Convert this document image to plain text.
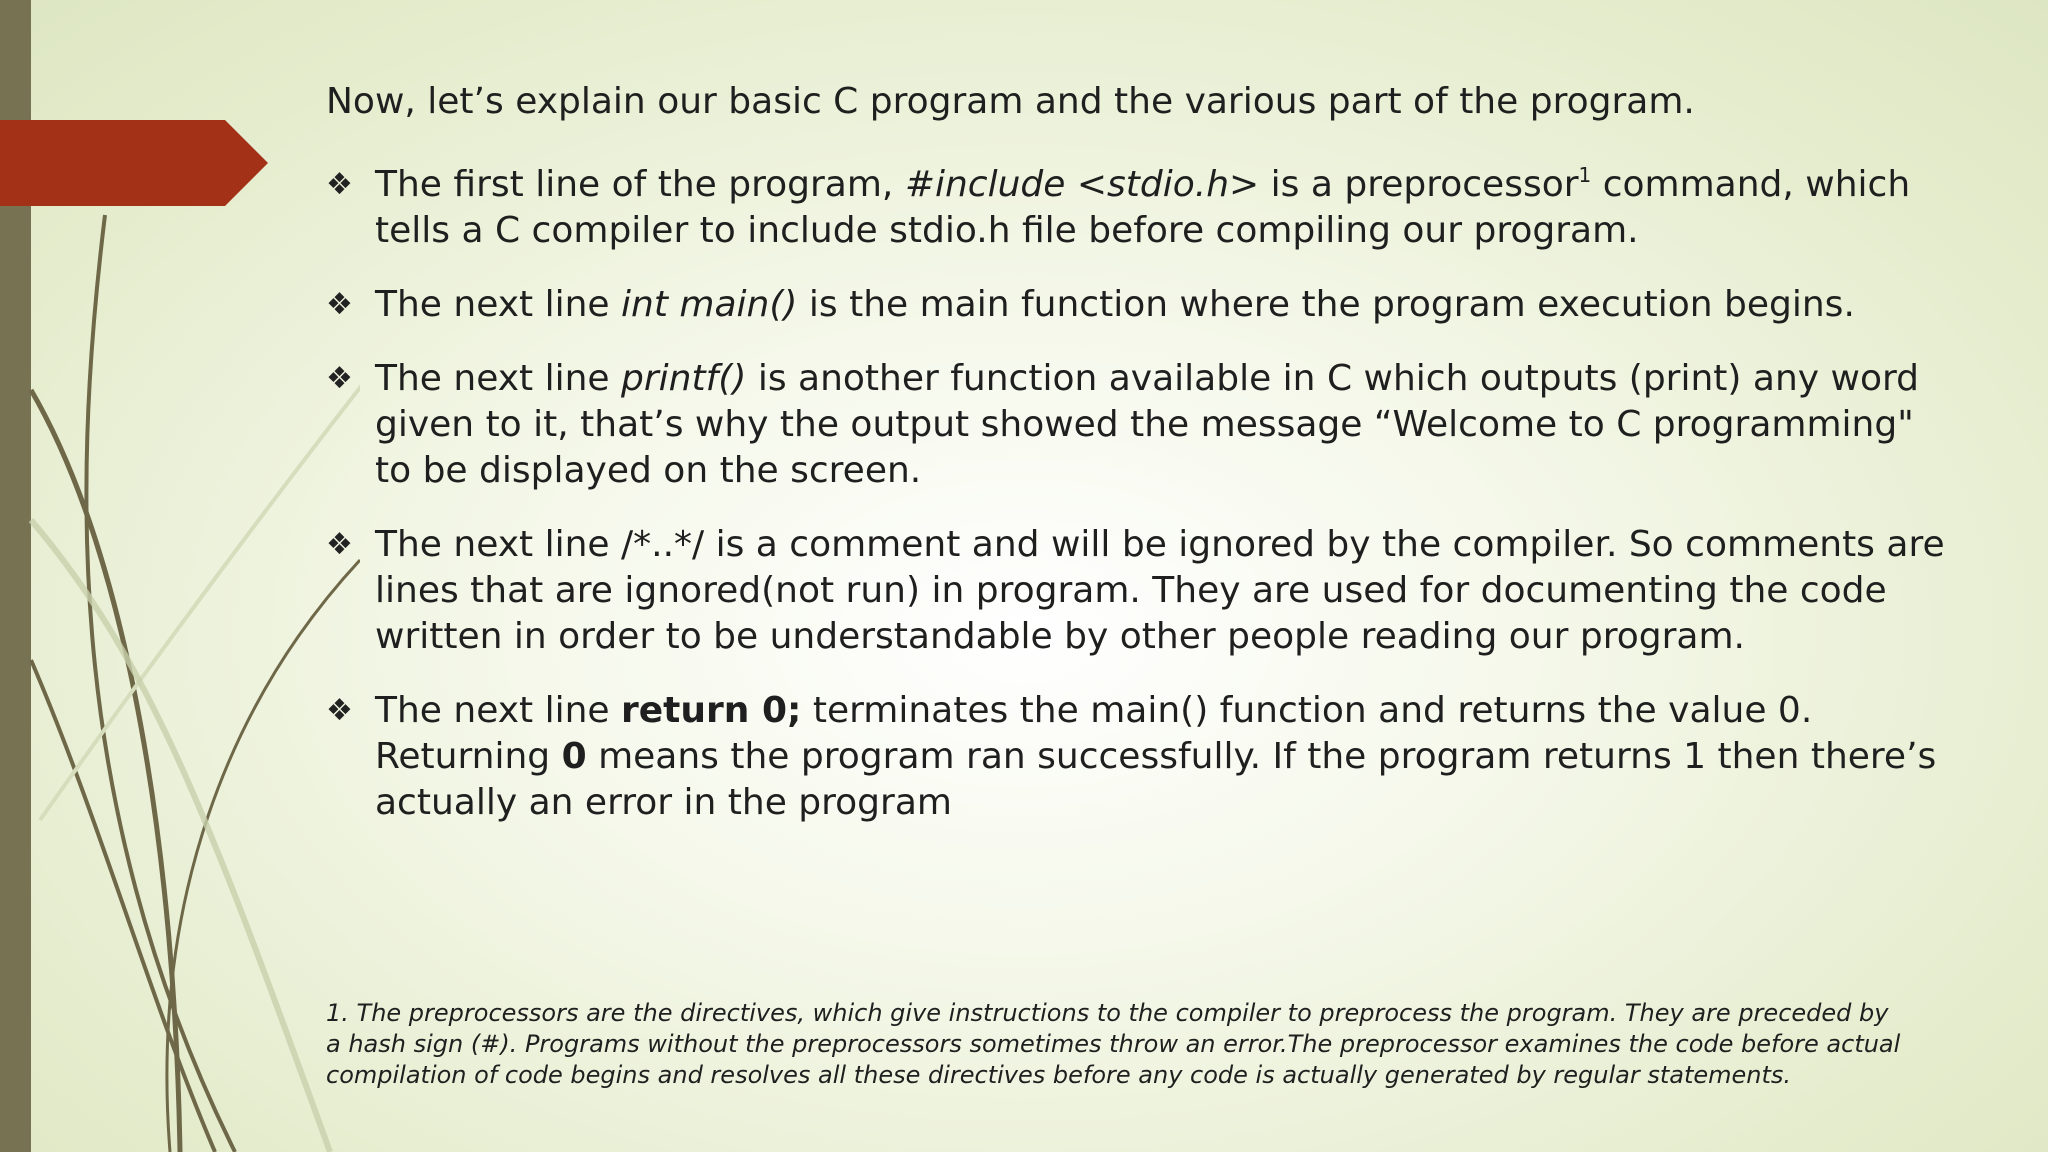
Now, let’s explain our basic C program and the various part of the program.
❖ The first line of the program, #include <stdio.h> is a preprocessor$^1$ command, which tells a C compiler to include stdio.h file before compiling our program.
❖ The next line int main() is the main function where the program execution begins.
❖ The next line printf() is another function available in C which outputs (print) any word given to it, that’s why the output showed the message “Welcome to C programming" to be displayed on the screen.
❖ The next line /*..*/ is a comment and will be ignored by the compiler. So comments are lines that are ignored(not run) in program. They are used for documenting the code written in order to be understandable by other people reading our program.
❖ The next line return 0; terminates the main() function and returns the value 0. Returning 0 means the program ran successfully. If the program returns 1 then there’s actually an error in the program
1. The preprocessors are the directives, which give instructions to the compiler to preprocess the program. They are preceded by a hash sign (#). Programs without the preprocessors sometimes throw an error.The preprocessor examines the code before actual compilation of code begins and resolves all these directives before any code is actually generated by regular statements.
